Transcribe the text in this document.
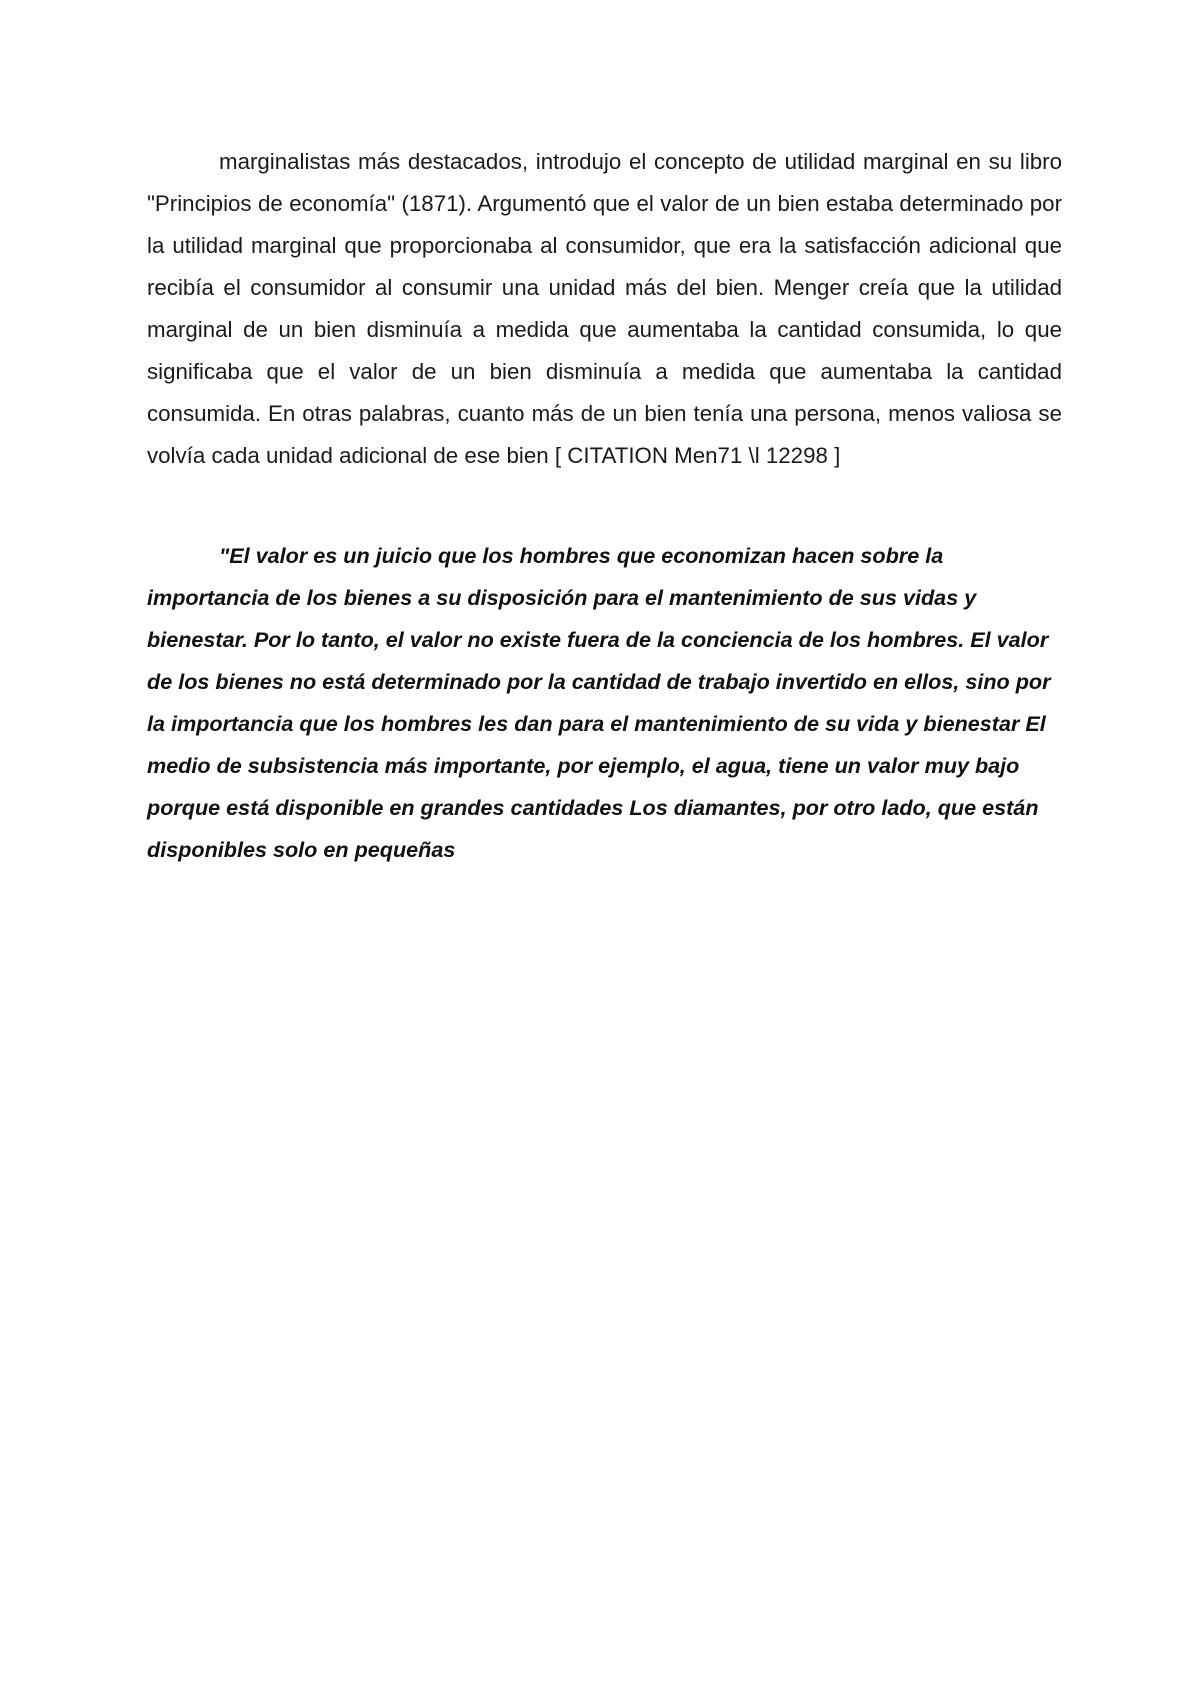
marginalistas más destacados, introdujo el concepto de utilidad marginal en su libro "Principios de economía" (1871). Argumentó que el valor de un bien estaba determinado por la utilidad marginal que proporcionaba al consumidor, que era la satisfacción adicional que recibía el consumidor al consumir una unidad más del bien. Menger creía que la utilidad marginal de un bien disminuía a medida que aumentaba la cantidad consumida, lo que significaba que el valor de un bien disminuía a medida que aumentaba la cantidad consumida. En otras palabras, cuanto más de un bien tenía una persona, menos valiosa se volvía cada unidad adicional de ese bien [ CITATION Men71 \l 12298 ]

"El valor es un juicio que los hombres que economizan hacen sobre la importancia de los bienes a su disposición para el mantenimiento de sus vidas y bienestar. Por lo tanto, el valor no existe fuera de la conciencia de los hombres. El valor de los bienes no está determinado por la cantidad de trabajo invertido en ellos, sino por la importancia que los hombres les dan para el mantenimiento de su vida y bienestar El medio de subsistencia más importante, por ejemplo, el agua, tiene un valor muy bajo porque está disponible en grandes cantidades Los diamantes, por otro lado, que están disponibles solo en pequeñas
